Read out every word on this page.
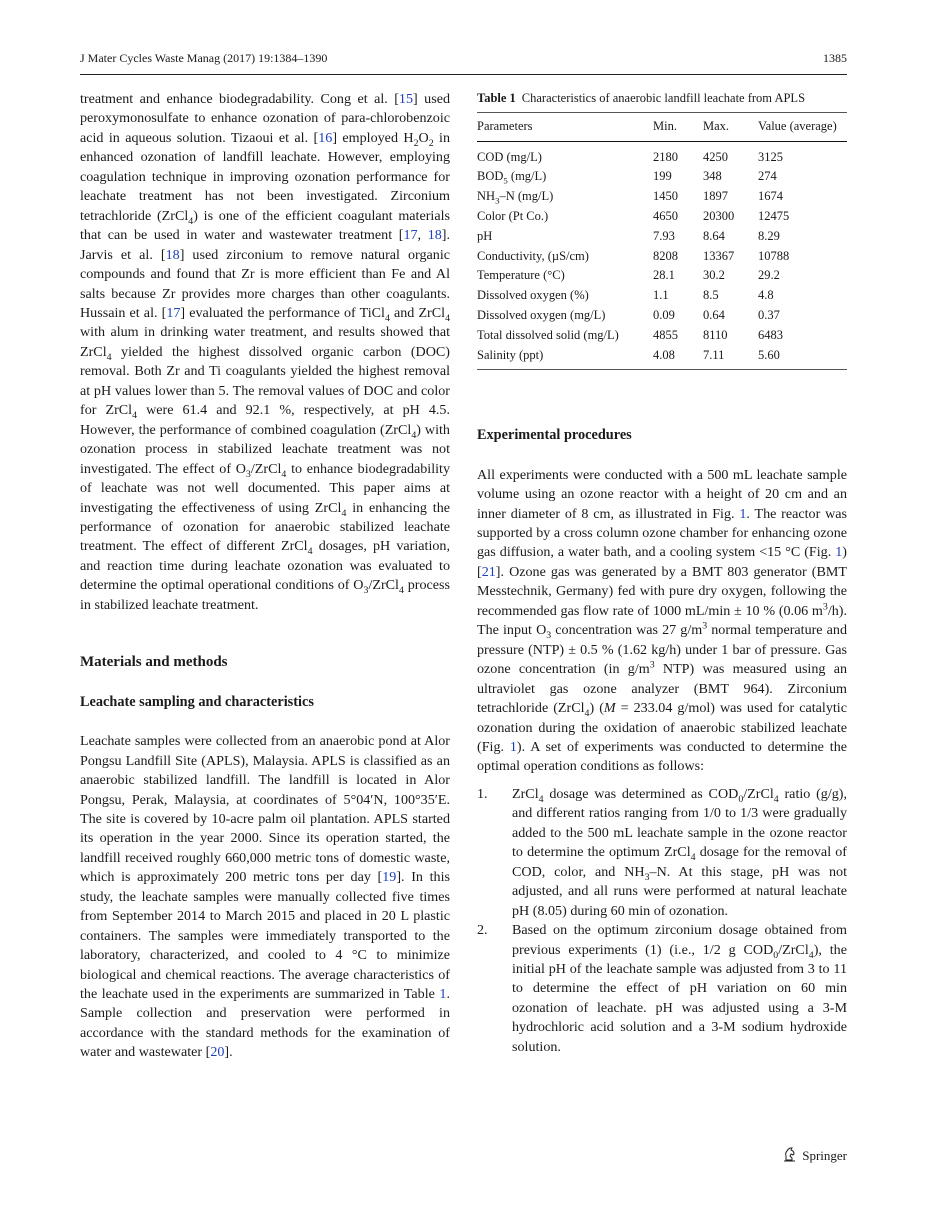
J Mater Cycles Waste Manag (2017) 19:1384–1390	1385

treatment and enhance biodegradability. Cong et al. [15] used peroxymonosulfate to enhance ozonation of para-chlorobenzoic acid in aqueous solution. Tizaoui et al. [16] employed $H_2O_2$ in enhanced ozonation of landfill leachate. However, employing coagulation technique in improving ozonation performance for leachate treatment has not been investigated. Zirconium tetrachloride (ZrCl$_4$) is one of the efficient coagulant materials that can be used in water and wastewater treatment [17, 18]. Jarvis et al. [18] used zirconium to remove natural organic compounds and found that Zr is more efficient than Fe and Al salts because Zr provides more charges than other coagulants. Hussain et al. [17] evaluated the performance of TiCl$_4$ and ZrCl$_4$ with alum in drinking water treatment, and results showed that ZrCl$_4$ yielded the highest dissolved organic carbon (DOC) removal. Both Zr and Ti coagulants yielded the highest removal at pH values lower than 5. The removal values of DOC and color for ZrCl$_4$ were 61.4 and 92.1 %, respectively, at pH 4.5. However, the performance of combined coagulation (ZrCl$_4$) with ozonation process in stabilized leachate treatment was not investigated. The effect of $O_3/ZrCl_4$ to enhance biodegradability of leachate was not well documented. This paper aims at investigating the effectiveness of using ZrCl$_4$ in enhancing the performance of ozonation for anaerobic stabilized leachate treatment. The effect of different ZrCl$_4$ dosages, pH variation, and reaction time during leachate ozonation was evaluated to determine the optimal operational conditions of $O_3/ZrCl_4$ process in stabilized leachate treatment.

Materials and methods
Leachate sampling and characteristics

Leachate samples were collected from an anaerobic pond at Alor Pongsu Landfill Site (APLS), Malaysia. APLS is classified as an anaerobic stabilized landfill. The landfill is located in Alor Pongsu, Perak, Malaysia, at coordinates of 5°04′N, 100°35′E. The site is covered by 10-acre palm oil plantation. APLS started its operation in the year 2000. Since its operation started, the landfill received roughly 660,000 metric tons of domestic waste, which is approximately 200 metric tons per day [19]. In this study, the leachate samples were manually collected five times from September 2014 to March 2015 and placed in 20 L plastic containers. The samples were immediately transported to the laboratory, characterized, and cooled to 4 °C to minimize biological and chemical reactions. The average characteristics of the leachate used in the experiments are summarized in Table 1. Sample collection and preservation were performed in accordance with the standard methods for the examination of water and wastewater [20].

Table 1 Characteristics of anaerobic landfill leachate from APLS

Parameters	Min.	Max.	Value (average)
COD (mg/L)	2180	4250	3125
$BOD_5$ (mg/L)	199	348	274
$NH_3-N$ (mg/L)	1450	1897	1674
Color (Pt Co.)	4650	20300	12475
pH	7.93	8.64	8.29
Conductivity, (µS/cm)	8208	13367	10788
Temperature (°C)	28.1	30.2	29.2
Dissolved oxygen (%)	1.1	8.5	4.8
Dissolved oxygen (mg/L)	0.09	0.64	0.37
Total dissolved solid (mg/L)	4855	8110	6483
Salinity (ppt)	4.08	7.11	5.60
Experimental procedures

All experiments were conducted with a 500 mL leachate sample volume using an ozone reactor with a height of 20 cm and an inner diameter of 8 cm, as illustrated in Fig. 1. The reactor was supported by a cross column ozone chamber for enhancing ozone gas diffusion, a water bath, and a cooling system <15 °C (Fig. 1) [21]. Ozone gas was generated by a BMT 803 generator (BMT Messtechnik, Germany) fed with pure dry oxygen, following the recommended gas flow rate of 1000 mL/min ± 10 % (0.06 $m^3/h$). The input $O_3$ concentration was 27 $g/m^3$ normal temperature and pressure (NTP) ± 0.5 % (1.62 kg/h) under 1 bar of pressure. Gas ozone concentration (in $g/m^3$ NTP) was measured using an ultraviolet gas ozone analyzer (BMT 964). Zirconium tetrachloride (ZrCl$_4$) (M = 233.04 g/mol) was used for catalytic ozonation during the oxidation of anaerobic stabilized leachate (Fig. 1). A set of experiments was conducted to determine the optimal operation conditions as follows:

1. ZrCl$_4$ dosage was determined as $COD_0/ZrCl_4$ ratio (g/g), and different ratios ranging from 1/0 to 1/3 were gradually added to the 500 mL leachate sample in the ozone reactor to determine the optimum ZrCl$_4$ dosage for the removal of COD, color, and $NH_3-N$. At this stage, pH was not adjusted, and all runs were performed at natural leachate pH (8.05) during 60 min of ozonation.
2. Based on the optimum zirconium dosage obtained from previous experiments (1) (i.e., 1/2 g $COD_0/ZrCl_4$), the initial pH of the leachate sample was adjusted from 3 to 11 to determine the effect of pH variation on 60 min ozonation of leachate. pH was adjusted using a 3-M hydrochloric acid solution and a 3-M sodium hydroxide solution.
Springer
